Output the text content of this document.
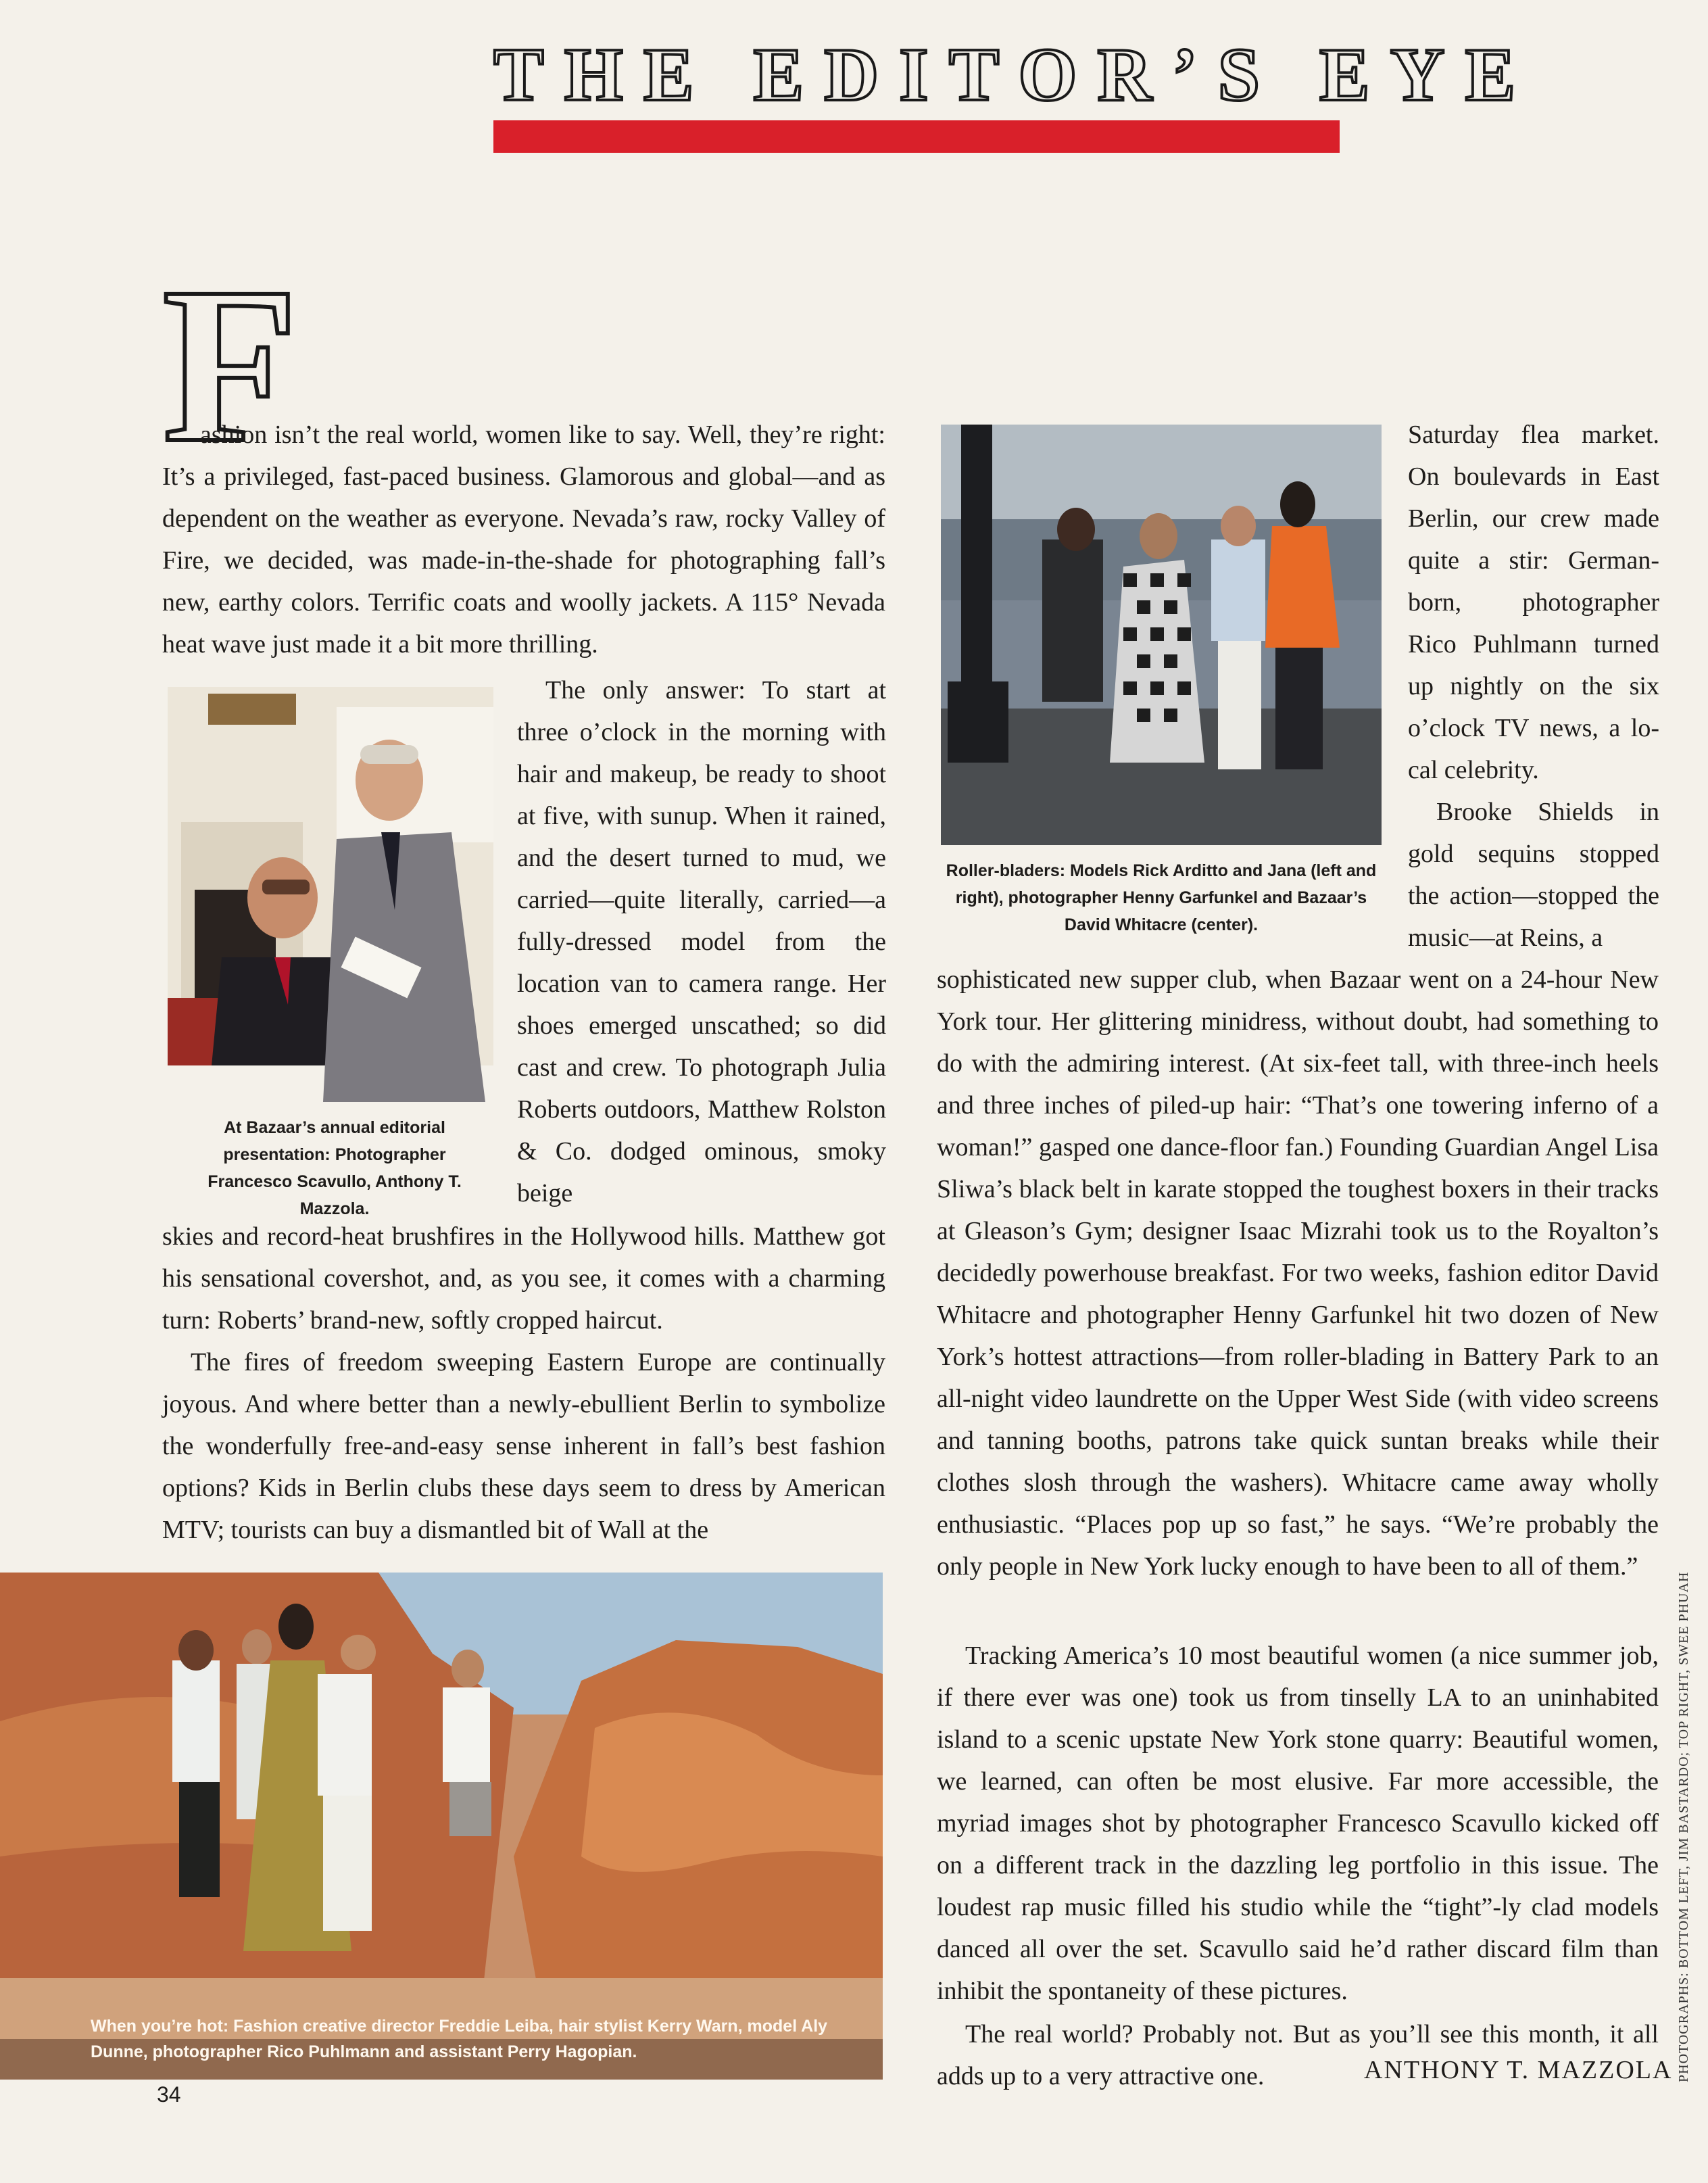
THE EDITOR’S EYE
F

ashion isn’t the real world, women like to say. Well, they’re right: It’s a privileged, fast-paced business. Glamorous and global—and as dependent on the weather as everyone. Nevada’s raw, rocky Valley of Fire, we decided, was made-in-the-shade for photographing fall’s new, earthy colors. Terrific coats and woolly jackets. A 115° Nevada heat wave just made it a bit more thrilling.

The only answer: To start at three o’clock in the morning with hair and makeup, be ready to shoot at five, with sunup. When it rained, and the desert turned to mud, we carried—quite literally, carried—a fully-dressed model from the location van to camera range. Her shoes emerged unscathed; so did cast and crew. To photograph Julia Roberts outdoors, Matthew Rolston & Co. dodged ominous, smoky beige

At Bazaar’s annual editorial presentation: Photographer Francesco Scavullo, Anthony T. Mazzola.

skies and record-heat brushfires in the Hollywood hills. Matthew got his sensational covershot, and, as you see, it comes with a charming turn: Roberts’ brand-new, softly cropped haircut.

The fires of freedom sweeping Eastern Europe are continually joyous. And where better than a newly-ebullient Berlin to symbolize the wonderfully free-and-easy sense inherent in fall’s best fashion options? Kids in Berlin clubs these days seem to dress by American MTV; tourists can buy a dismantled bit of Wall at the

When you’re hot: Fashion creative director Freddie Leiba, hair stylist Kerry Warn, model Aly Dunne, photographer Rico Puhlmann and assistant Perry Hagopian.

Roller-bladers: Models Rick Arditto and Jana (left and right), photographer Henny Garfunkel and Bazaar’s David Whitacre (center).

Saturday flea market. On boulevards in East Berlin, our crew made quite a stir: German-born, photographer Rico Puhlmann turned up nightly on the six o’clock TV news, a local celebrity.

Brooke Shields in gold sequins stopped the action—stopped the music—at Reins, a

sophisticated new supper club, when Bazaar went on a 24-hour New York tour. Her glittering minidress, without doubt, had something to do with the admiring interest. (At six-feet tall, with three-inch heels and three inches of piled-up hair: “That’s one towering inferno of a woman!” gasped one dance-floor fan.) Founding Guardian Angel Lisa Sliwa’s black belt in karate stopped the toughest boxers in their tracks at Gleason’s Gym; designer Isaac Mizrahi took us to the Royalton’s decidedly powerhouse breakfast. For two weeks, fashion editor David Whitacre and photographer Henny Garfunkel hit two dozen of New York’s hottest attractions—from roller-blading in Battery Park to an all-night video laundrette on the Upper West Side (with video screens and tanning booths, patrons take quick suntan breaks while their clothes slosh through the washers). Whitacre came away wholly enthusiastic. “Places pop up so fast,” he says. “We’re probably the only people in New York lucky enough to have been to all of them.”

Tracking America’s 10 most beautiful women (a nice summer job, if there ever was one) took us from tinselly LA to an uninhabited island to a scenic upstate New York stone quarry: Beautiful women, we learned, can often be most elusive. Far more accessible, the myriad images shot by photographer Francesco Scavullo kicked off on a different track in the dazzling leg portfolio in this issue. The loudest rap music filled his studio while the “tight”-ly clad models danced all over the set. Scavullo said he’d rather discard film than inhibit the spontaneity of these pictures.

The real world? Probably not. But as you’ll see this month, it all adds up to a very attractive one.	ANTHONY T. MAZZOLA
34
PHOTOGRAPHS: BOTTOM LEFT, JIM BASTARDO; TOP RIGHT, SWEE PHUAH
